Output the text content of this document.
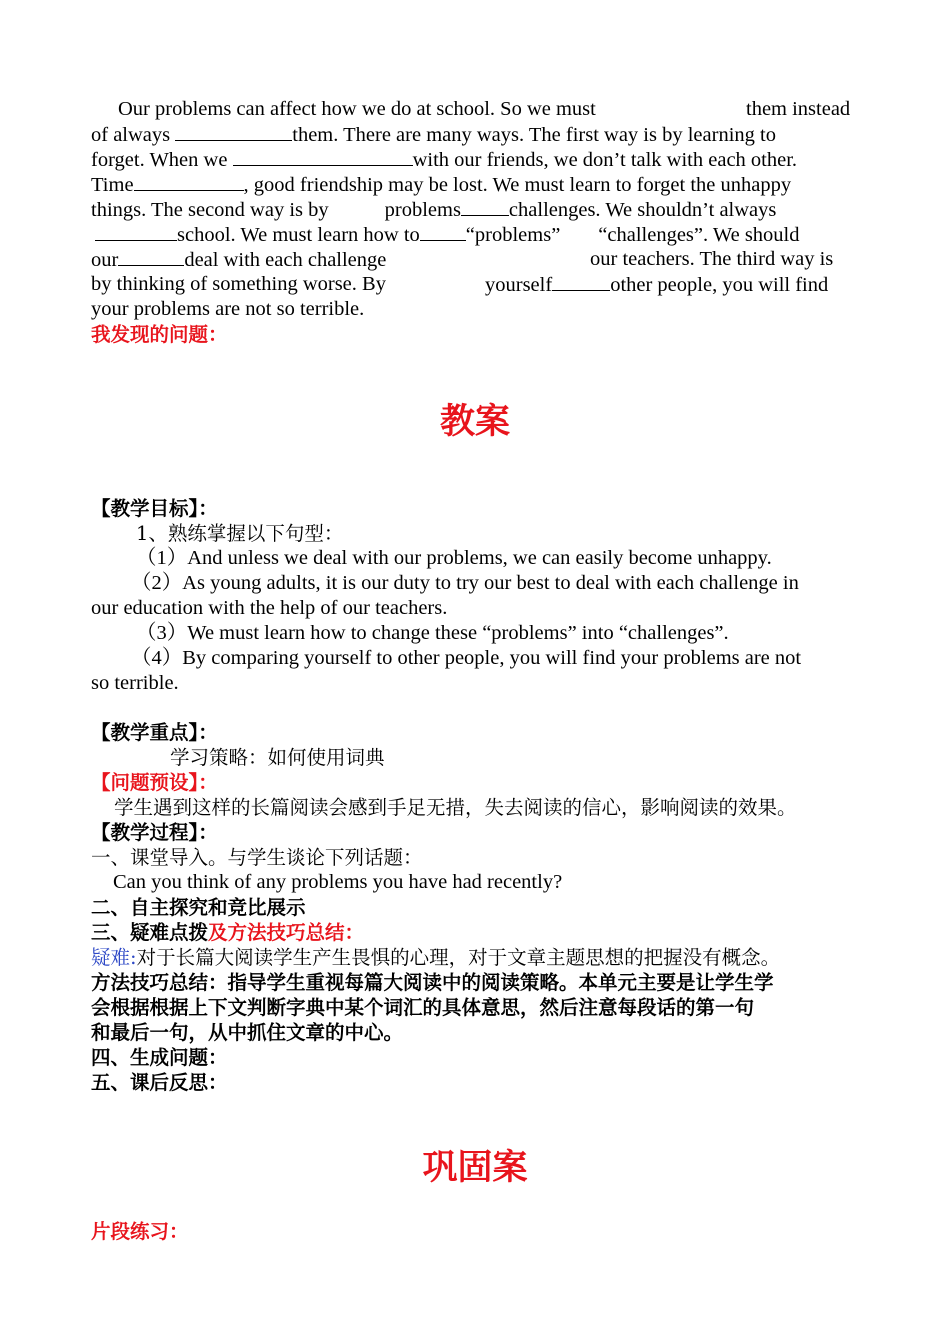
Our problems can affect how we do at school. So we must	them instead
of always	them. There are many ways. The first way is by learning to
forget. When we	with our friends, we don’t talk with each other.
Time	, good friendship may be lost. We must learn to forget the unhappy
things. The second way is by	problems challenges. We shouldn’t always
school. We must learn how to “problems” “challenges”. We should
our	deal with each challenge	our teachers. The third way is
by thinking of something worse. By	yourself	other people, you will find
your problems are not so terrible.
我发现的问题：
教案
【教学目标】：
1、熟练掌握以下句型：
（1）And unless we deal with our problems, we can easily become unhappy.
（2）As young adults, it is our duty to try our best to deal with each challenge in
our education with the help of our teachers.
（3）We must learn how to change these “problems” into “challenges”.
（4）By comparing yourself to other people, you will find your problems are not
so terrible.
【教学重点】：
学习策略：如何使用词典
【问题预设】：
学生遇到这样的长篇阅读会感到手足无措，失去阅读的信心，影响阅读的效果。
【教学过程】：
一、课堂导入。与学生谈论下列话题：
Can you think of any problems you have had recently?
二、自主探究和竞比展示
三、疑难点拨及方法技巧总结：
疑难:对于长篇大阅读学生产生畏惧的心理，对于文章主题思想的把握没有概念。
方法技巧总结：指导学生重视每篇大阅读中的阅读策略。本单元主要是让学生学
会根据根据上下文判断字典中某个词汇的具体意思，然后注意每段话的第一句
和最后一句，从中抓住文章的中心。
四、生成问题：
五、课后反思：
巩固案
片段练习：
